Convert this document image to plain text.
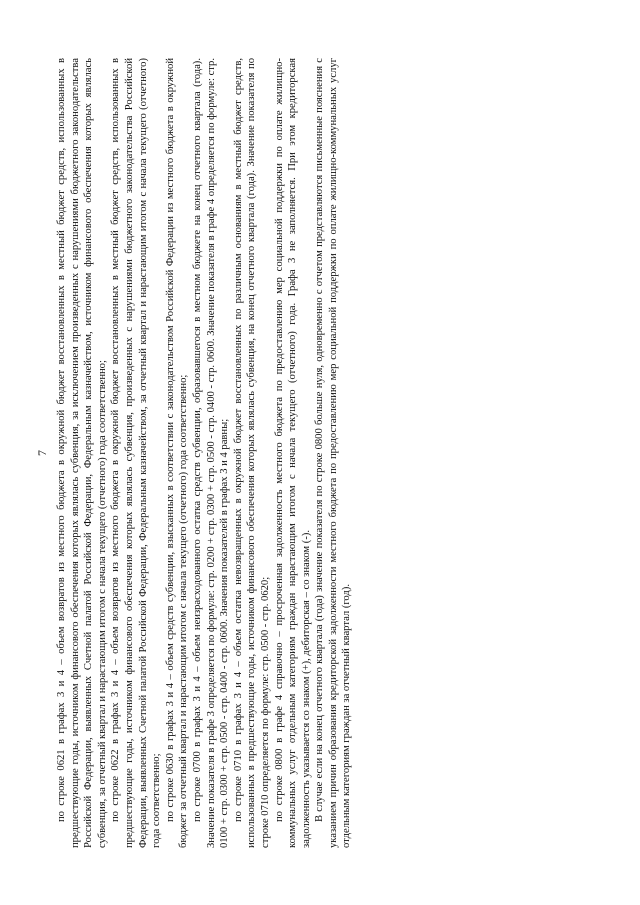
7 по строке 0621 в графах 3 и 4 – объем возвратов из местного бюджета в окружной бюджет восстановленных в местный бюджет средств, использованных в предшествующие годы, источником финансового обеспечения которых являлась субвенция, за исключением произведенных с нарушениями бюджетного законодательства Российской Федерации, выявленных Счетной палатой Российской Федерации, Федеральным казначейством, источником финансового обеспечения которых являлась субвенция, за отчетный квартал и нарастающим итогом с начала текущего (отчетного) года соответственно; по строке 0622 в графах 3 и 4 – объем возвратов из местного бюджета в окружной бюджет восстановленных в местный бюджет средств, использованных в предшествующие годы, источником финансового обеспечения которых являлась субвенция, произведенных с нарушениями бюджетного законодательства Российской Федерации, выявленных Счетной палатой Российской Федерации, Федеральным казначейством, за отчетный квартал и нарастающим итогом с начала текущего (отчетного) года соответственно; по строке 0630 в графах 3 и 4 – объем средств субвенции, взысканных в соответствии с законодательством Российской Федерации из местного бюджета в окружной бюджет за отчетный квартал и нарастающим итогом с начала текущего (отчетного) года соответственно; по строке 0700 в графах 3 и 4 – объем неизрасходованного остатка средств субвенции, образовавшегося в местном бюджете на конец отчетного квартала (года). Значение показателя в графе 3 определяется по формуле: стр. 0200 + стр. 0300 + стр. 0500 - стр. 0400 - стр. 0600. Значение показателя в графе 4 определяется по формуле: стр. 0100 + стр. 0300 + стр. 0500 - стр. 0400 - стр. 0600. Значения показателей в графах 3 и 4 равны; по строке 0710 в графах 3 и 4 – объем остатка невозвращенных в окружной бюджет восстановленных по различным основаниям в местный бюджет средств, использованных в предшествующие годы, источником финансового обеспечения которых являлась субвенция, на конец отчетного квартала (года). Значение показателя по строке 0710 определяется по формуле: стр. 0500 - стр. 0620; по строке 0800 в графе 4 справочно – просроченная задолженность местного бюджета по предоставлению мер социальной поддержки по оплате жилищно-коммунальных услуг отдельным категориям граждан нарастающим итогом с начала текущего (отчетного) года. Графа 3 не заполняется. При этом кредиторская задолженность указывается со знаком (+), дебиторская – со знаком (-). В случае если на конец отчетного квартала (года) значение показателя по строке 0800 больше нуля, одновременно с отчетом представляются письменные пояснения с указанием причин образования кредиторской задолженности местного бюджета по предоставлению мер социальной поддержки по оплате жилищно-коммунальных услуг отдельным категориям граждан за отчетный квартал (год).
